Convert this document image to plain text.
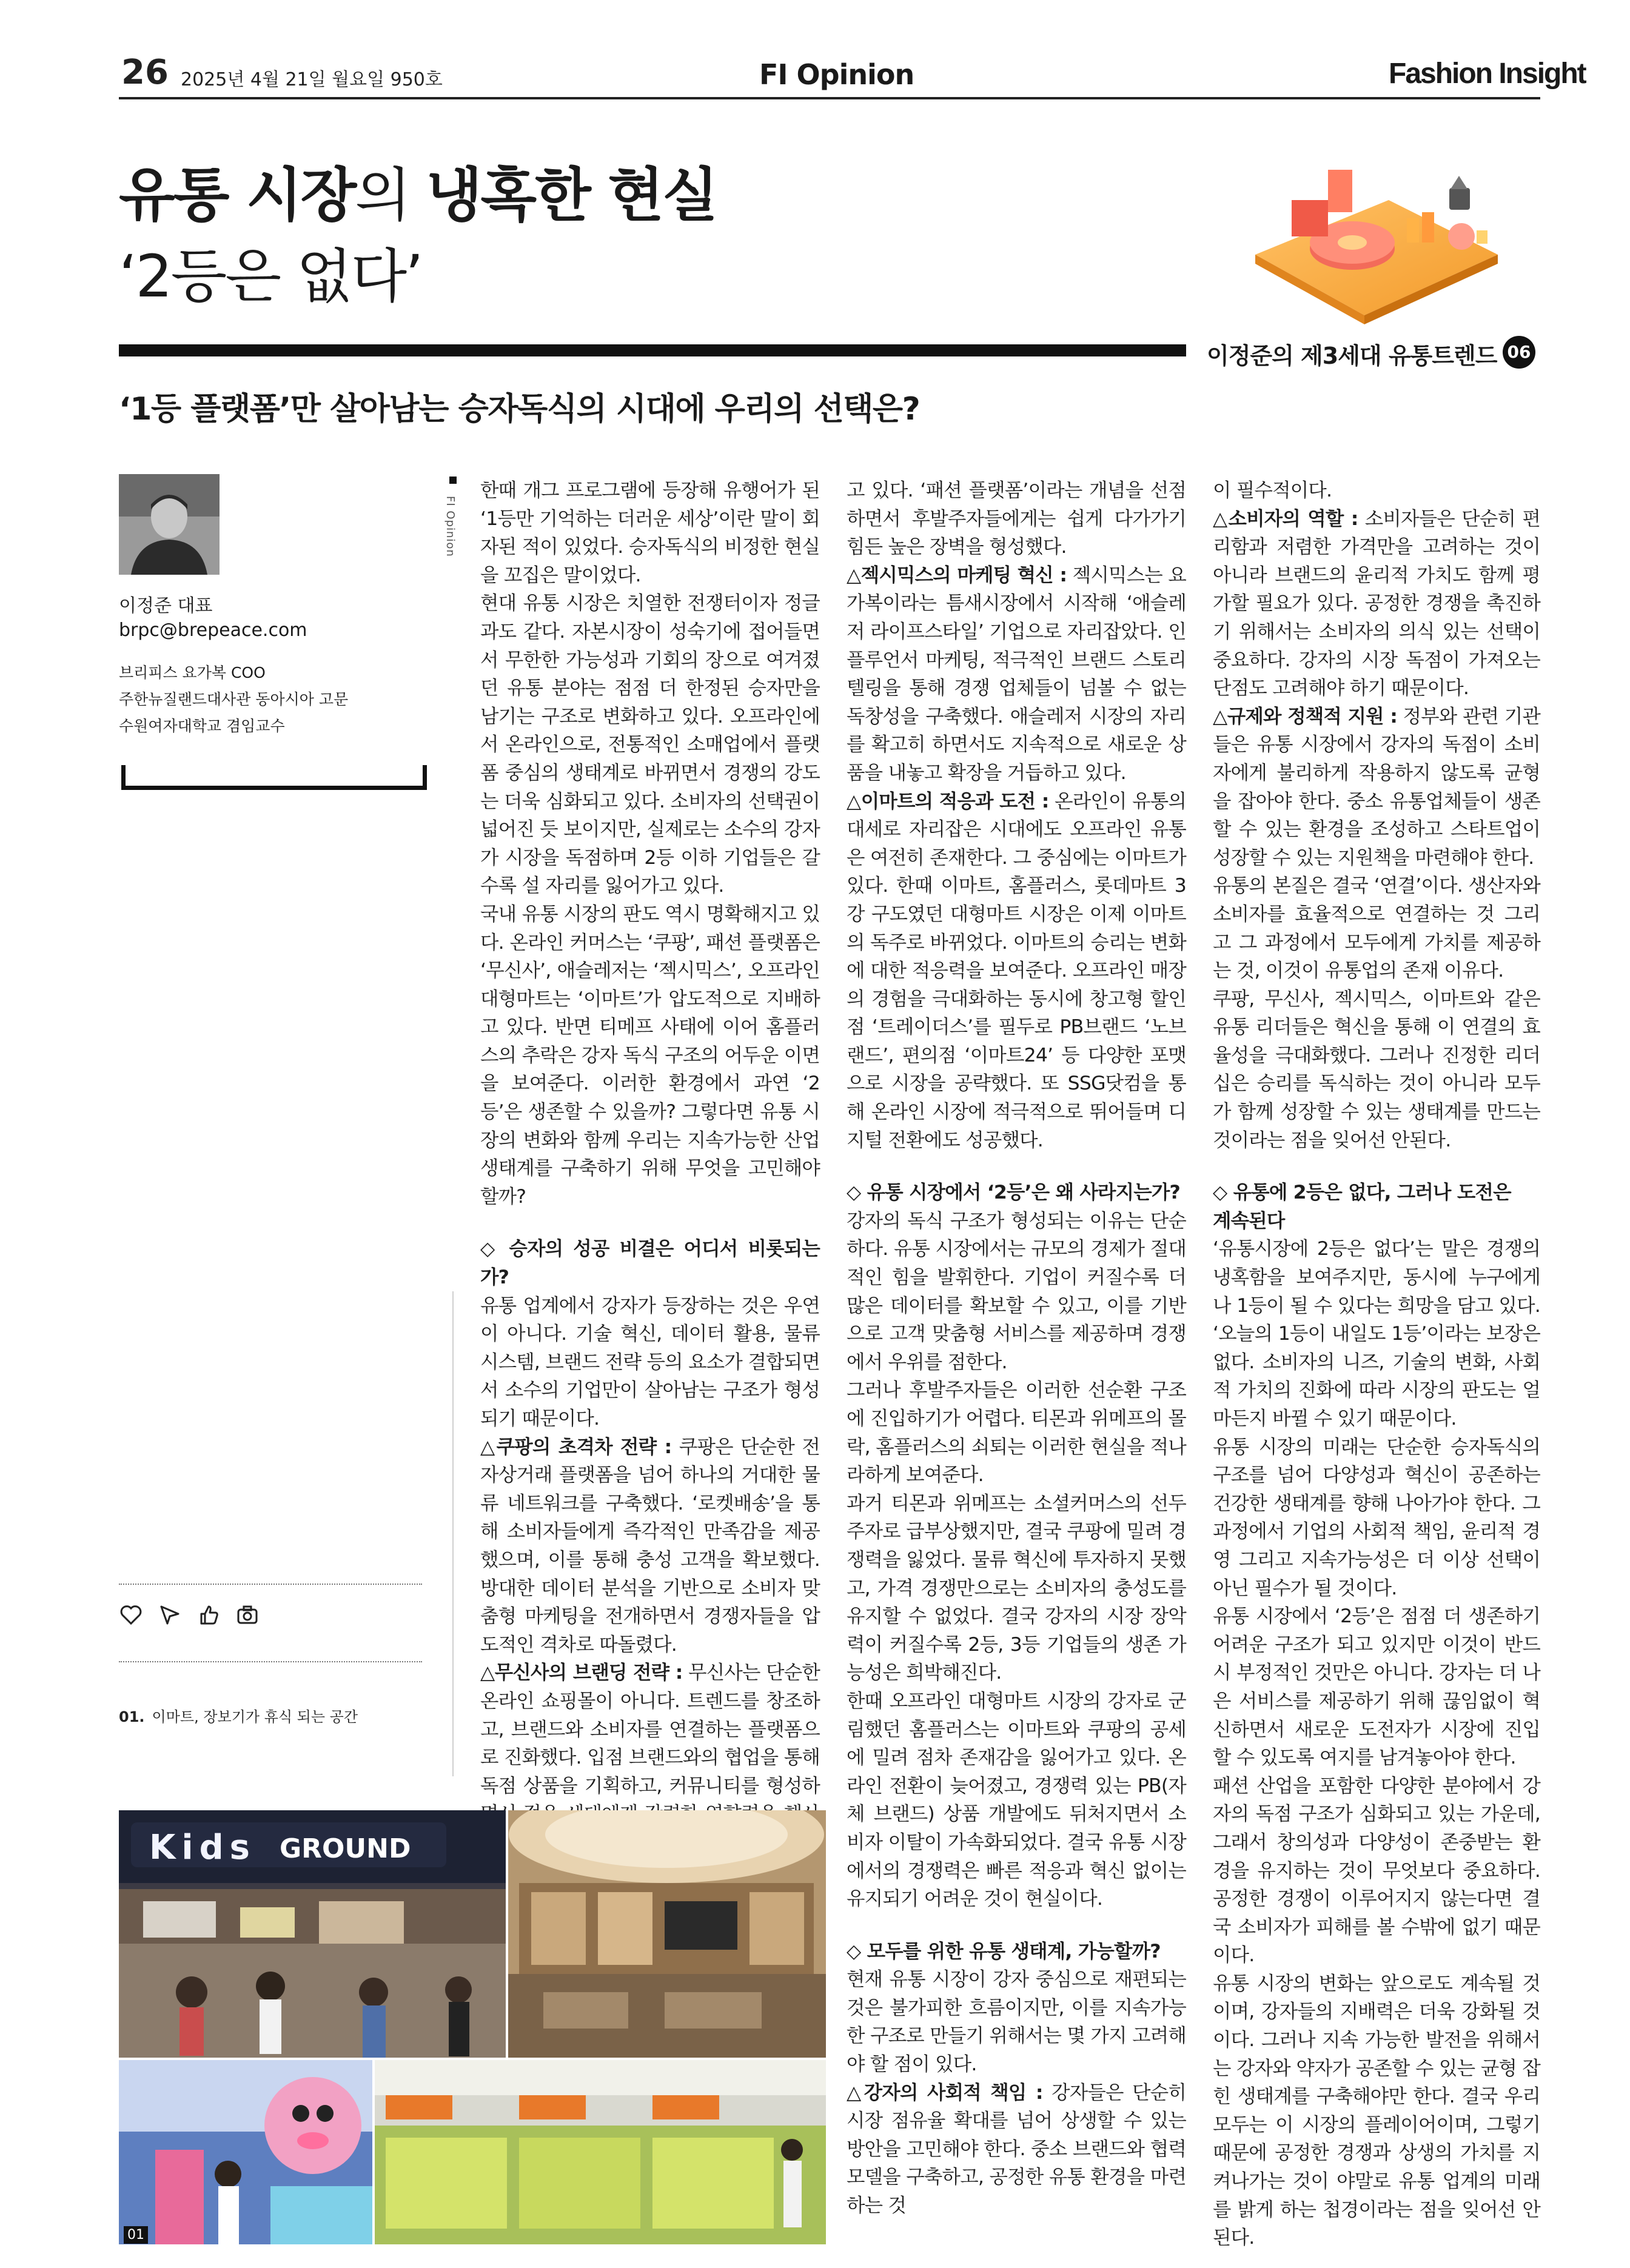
26 2025년 4월 21일 월요일 950호	FI Opinion	Fashion Insight
유통 시장의 냉혹한 현실
‘2등은 없다’
이정준의 제3세대 유통트렌드 06
‘1등 플랫폼’만 살아남는 승자독식의 시대에 우리의 선택은?
이정준 대표
brpc@brepeace.com
브리피스 요가복 COO
주한뉴질랜드대사관 동아시아 고문
수원여자대학교 겸임교수
01. 이마트, 장보기가 휴식 되는 공간
FI Opinion

한때 개그 프로그램에 등장해 유행어가 된 ‘1등만 기억하는 더러운 세상’이란 말이 회자된 적이 있었다. 승자독식의 비정한 현실을 꼬집은 말이었다.

현대 유통 시장은 치열한 전쟁터이자 정글과도 같다. 자본시장이 성숙기에 접어들면서 무한한 가능성과 기회의 장으로 여겨졌던 유통 분야는 점점 더 한정된 승자만을 남기는 구조로 변화하고 있다. 오프라인에서 온라인으로, 전통적인 소매업에서 플랫폼 중심의 생태계로 바뀌면서 경쟁의 강도는 더욱 심화되고 있다. 소비자의 선택권이 넓어진 듯 보이지만, 실제로는 소수의 강자가 시장을 독점하며 2등 이하 기업들은 갈수록 설 자리를 잃어가고 있다.

국내 유통 시장의 판도 역시 명확해지고 있다. 온라인 커머스는 ‘쿠팡’, 패션 플랫폼은 ‘무신사’, 애슬레저는 ‘젝시믹스’, 오프라인 대형마트는 ‘이마트’가 압도적으로 지배하고 있다. 반면 티메프 사태에 이어 홈플러스의 추락은 강자 독식 구조의 어두운 이면을 보여준다. 이러한 환경에서 과연 ‘2등’은 생존할 수 있을까? 그렇다면 유통 시장의 변화와 함께 우리는 지속가능한 산업 생태계를 구축하기 위해 무엇을 고민해야 할까?

◇ 승자의 성공 비결은 어디서 비롯되는가?

유통 업계에서 강자가 등장하는 것은 우연이 아니다. 기술 혁신, 데이터 활용, 물류 시스템, 브랜드 전략 등의 요소가 결합되면서 소수의 기업만이 살아남는 구조가 형성되기 때문이다.

△쿠팡의 초격차 전략 : 쿠팡은 단순한 전자상거래 플랫폼을 넘어 하나의 거대한 물류 네트워크를 구축했다. ‘로켓배송’을 통해 소비자들에게 즉각적인 만족감을 제공했으며, 이를 통해 충성 고객을 확보했다. 방대한 데이터 분석을 기반으로 소비자 맞춤형 마케팅을 전개하면서 경쟁자들을 압도적인 격차로 따돌렸다.

△무신사의 브랜딩 전략 : 무신사는 단순한 온라인 쇼핑몰이 아니다. 트렌드를 창조하고, 브랜드와 소비자를 연결하는 플랫폼으로 진화했다. 입점 브랜드와의 협업을 통해 독점 상품을 기획하고, 커뮤니티를 형성하

고 있다. ‘패션 플랫폼’이라는 개념을 선점하면서 후발주자들에게는 쉽게 다가가기 힘든 높은 장벽을 형성했다.

△젝시믹스의 마케팅 혁신 : 젝시믹스는 요가복이라는 틈새시장에서 시작해 ‘애슬레저 라이프스타일’ 기업으로 자리잡았다. 인플루언서 마케팅, 적극적인 브랜드 스토리텔링을 통해 경쟁 업체들이 넘볼 수 없는 독창성을 구축했다. 애슬레저 시장의 자리를 확고히 하면서도 지속적으로 새로운 상품을 내놓고 확장을 거듭하고 있다.

△이마트의 적응과 도전 : 온라인이 유통의 대세로 자리잡은 시대에도 오프라인 유통은 여전히 존재한다. 그 중심에는 이마트가 있다. 한때 이마트, 홈플러스, 롯데마트 3강 구도였던 대형마트 시장은 이제 이마트의 독주로 바뀌었다. 이마트의 승리는 변화에 대한 적응력을 보여준다. 오프라인 매장의 경험을 극대화하는 동시에 창고형 할인점 ‘트레이더스’를 필두로 PB브랜드 ‘노브랜드’, 편의점 ‘이마트24’ 등 다양한 포맷으로 시장을 공략했다. 또 SSG닷컴을 통해 온라인 시장에 적극적으로 뛰어들며 디지털 전환에도 성공했다.

◇ 유통 시장에서 ‘2등’은 왜 사라지는가?

강자의 독식 구조가 형성되는 이유는 단순하다. 유통 시장에서는 규모의 경제가 절대적인 힘을 발휘한다. 기업이 커질수록 더 많은 데이터를 확보할 수 있고, 이를 기반으로 고객 맞춤형 서비스를 제공하며 경쟁에서 우위를 점한다.

그러나 후발주자들은 이러한 선순환 구조에 진입하기가 어렵다. 티몬과 위메프의 몰락, 홈플러스의 쇠퇴는 이러한 현실을 적나라하게 보여준다.

과거 티몬과 위메프는 소셜커머스의 선두주자로 급부상했지만, 결국 쿠팡에 밀려 경쟁력을 잃었다. 물류 혁신에 투자하지 못했고, 가격 경쟁만으로는 소비자의 충성도를 유지할 수 없었다. 결국 강자의 시장 장악력이 커질수록 2등, 3등 기업들의 생존 가능성은 희박해진다.

한때 오프라인 대형마트 시장의 강자로 군림했던 홈플러스는 이마트와 쿠팡의 공세에 밀려 점차 존재감을 잃어가고 있다. 온라인 전환이 늦어졌고, 경쟁력 있는 PB(자체 브랜드) 상품 개발에도 뒤처지면서 소비자 이탈이 가속화되었다. 결국 유통 시장에서의 경쟁력은 빠른 적응과 혁신 없이는 유지되기 어려운 것이 현실이다.

◇ 모두를 위한 유통 생태계, 가능할까?

현재 유통 시장이 강자 중심으로 재편되는 것은 불가피한 흐름이지만, 이를 지속가능한 구조로 만들기 위해서는 몇 가지 고려해야 할 점이 있다.

△강자의 사회적 책임 : 강자들은 단순히 시장 점유율 확대를 넘어 상생할 수 있는 방안을 고민해야 한다. 중소 브랜드와 협력 모델을 구축하고, 공정한 유통 환경을 마련하는 것

이 필수적이다.

△소비자의 역할 : 소비자들은 단순히 편리함과 저렴한 가격만을 고려하는 것이 아니라 브랜드의 윤리적 가치도 함께 평가할 필요가 있다. 공정한 경쟁을 촉진하기 위해서는 소비자의 의식 있는 선택이 중요하다. 강자의 시장 독점이 가져오는 단점도 고려해야 하기 때문이다.

△규제와 정책적 지원 : 정부와 관련 기관들은 유통 시장에서 강자의 독점이 소비자에게 불리하게 작용하지 않도록 균형을 잡아야 한다. 중소 유통업체들이 생존할 수 있는 환경을 조성하고 스타트업이 성장할 수 있는 지원책을 마련해야 한다.

유통의 본질은 결국 ‘연결’이다. 생산자와 소비자를 효율적으로 연결하는 것 그리고 그 과정에서 모두에게 가치를 제공하는 것, 이것이 유통업의 존재 이유다.

쿠팡, 무신사, 젝시믹스, 이마트와 같은 유통 리더들은 혁신을 통해 이 연결의 효율성을 극대화했다. 그러나 진정한 리더십은 승리를 독식하는 것이 아니라 모두가 함께 성장할 수 있는 생태계를 만드는 것이라는 점을 잊어선 안된다.

◇ 유통에 2등은 없다, 그러나 도전은
계속된다

‘유통시장에 2등은 없다’는 말은 경쟁의 냉혹함을 보여주지만, 동시에 누구에게나 1등이 될 수 있다는 희망을 담고 있다. ‘오늘의 1등이 내일도 1등’이라는 보장은 없다. 소비자의 니즈, 기술의 변화, 사회적 가치의 진화에 따라 시장의 판도는 얼마든지 바뀔 수 있기 때문이다.

유통 시장의 미래는 단순한 승자독식의 구조를 넘어 다양성과 혁신이 공존하는 건강한 생태계를 향해 나아가야 한다. 그 과정에서 기업의 사회적 책임, 윤리적 경영 그리고 지속가능성은 더 이상 선택이 아닌 필수가 될 것이다.

유통 시장에서 ‘2등’은 점점 더 생존하기 어려운 구조가 되고 있지만 이것이 반드시 부정적인 것만은 아니다. 강자는 더 나은 서비스를 제공하기 위해 끊임없이 혁신하면서 새로운 도전자가 시장에 진입할 수 있도록 여지를 남겨놓아야 한다.

패션 산업을 포함한 다양한 분야에서 강자의 독점 구조가 심화되고 있는 가운데, 그래서 창의성과 다양성이 존중받는 환경을 유지하는 것이 무엇보다 중요하다. 공정한 경쟁이 이루어지지 않는다면 결국 소비자가 피해를 볼 수밖에 없기 때문이다.

유통 시장의 변화는 앞으로도 계속될 것이며, 강자들의 지배력은 더욱 강화될 것이다. 그러나 지속 가능한 발전을 위해서는 강자와 약자가 공존할 수 있는 균형 잡힌 생태계를 구축해야만 한다. 결국 우리 모두는 이 시장의 플레이어이며, 그렇기 때문에 공정한 경쟁과 상생의 가치를 지켜나가는 것이 야말로 유통 업계의 미래를 밝게 하는 첩경이라는 점을 잊어선 안된다.

Kids GROUND
01
